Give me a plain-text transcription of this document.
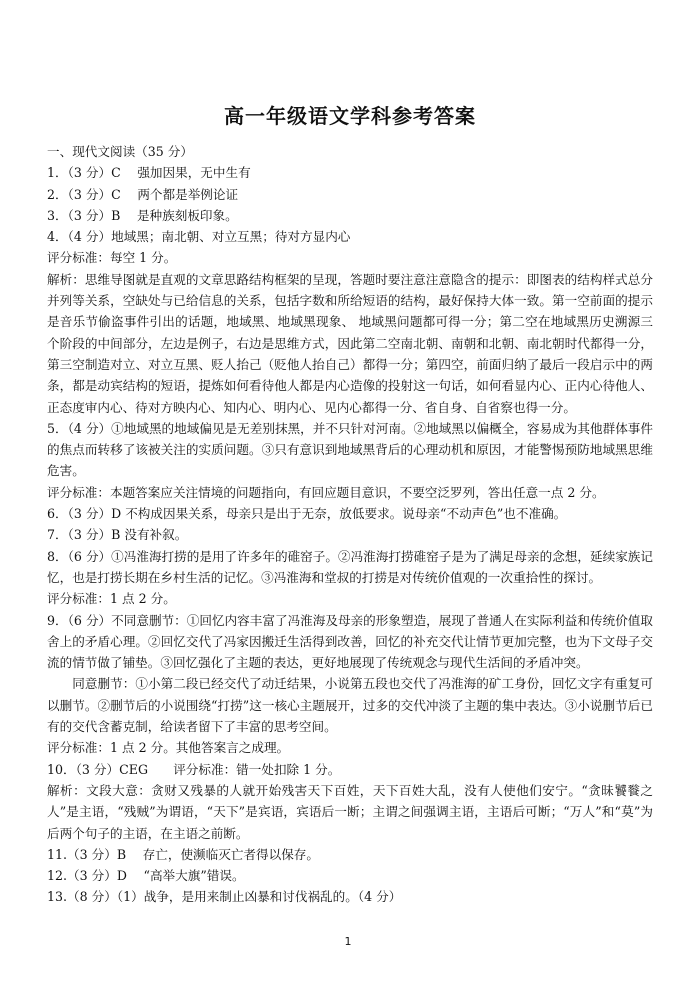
高一年级语文学科参考答案

一、现代文阅读（35 分）

1．（3 分）C　 强加因果，无中生有

2．（3 分）C　 两个都是举例论证

3．（3 分）B　 是种族刻板印象。

4．（4 分）地域黑；南北朝、对立互黑；待对方显内心

评分标准：每空 1 分。

解析：思维导图就是直观的文章思路结构框架的呈现，答题时要注意注意隐含的提示：即图表的结构样式总分并列等关系，空缺处与已给信息的关系，包括字数和所给短语的结构，最好保持大体一致。第一空前面的提示是音乐节偷盗事件引出的话题，地域黑、地域黑现象、 地域黑问题都可得一分；第二空在地域黑历史溯源三个阶段的中间部分，左边是例子，右边是思维方式，因此第二空南北朝、南朝和北朝、南北朝时代都得一分，第三空制造对立、对立互黑、贬人抬己（贬他人抬自己）都得一分；第四空，前面归纳了最后一段启示中的两条，都是动宾结构的短语，提炼如何看待他人都是内心造像的投射这一句话，如何看显内心、正内心待他人、正态度审内心、待对方映内心、知内心、明内心、见内心都得一分、省自身、自省察也得一分。

5．（4 分）①地域黑的地域偏见是无差别抹黑，并不只针对河南。②地域黑以偏概全，容易成为其他群体事件的焦点而转移了该被关注的实质问题。③只有意识到地域黑背后的心理动机和原因，才能警惕预防地域黑思维危害。

评分标准：本题答案应关注情境的问题指向，有回应题目意识，不要空泛罗列，答出任意一点 2 分。

6．（3 分）D 不构成因果关系，母亲只是出于无奈，放低要求。说母亲“不动声色”也不准确。

7．（3 分）B 没有补叙。

8．（6 分）①冯淮海打捞的是用了许多年的碓窑子。②冯淮海打捞碓窑子是为了满足母亲的念想，延续家族记忆，也是打捞长期在乡村生活的记忆。③冯淮海和堂叔的打捞是对传统价值观的一次重拾性的探讨。

评分标准：1 点 2 分。

9．（6 分）不同意删节：①回忆内容丰富了冯淮海及母亲的形象塑造，展现了普通人在实际利益和传统价值取舍上的矛盾心理。②回忆交代了冯家因搬迁生活得到改善，回忆的补充交代让情节更加完整，也为下文母子交流的情节做了铺垫。③回忆强化了主题的表达，更好地展现了传统观念与现代生活间的矛盾冲突。

同意删节：①小第二段已经交代了动迁结果，小说第五段也交代了冯淮海的矿工身份，回忆文字有重复可以删节。②删节后的小说围绕“打捞”这一核心主题展开，过多的交代冲淡了主题的集中表达。③小说删节后已有的交代含蓄克制，给读者留下了丰富的思考空间。

评分标准：1 点 2 分。其他答案言之成理。

10．（3 分）CEG　　评分标准：错一处扣除 1 分。

解析：文段大意：贪财又残暴的人就开始残害天下百姓，天下百姓大乱，没有人使他们安宁。“贪昧饕餮之人”是主语，“残贼”为谓语，“天下”是宾语，宾语后一断；主谓之间强调主语，主语后可断；“万人”和“莫”为后两个句子的主语，在主语之前断。

11.（3 分）B　 存亡，使濒临灭亡者得以保存。

12.（3 分）D　 “高举大旗”错误。

13.（8 分）（1）战争，是用来制止凶暴和讨伐祸乱的。（4 分）

1
